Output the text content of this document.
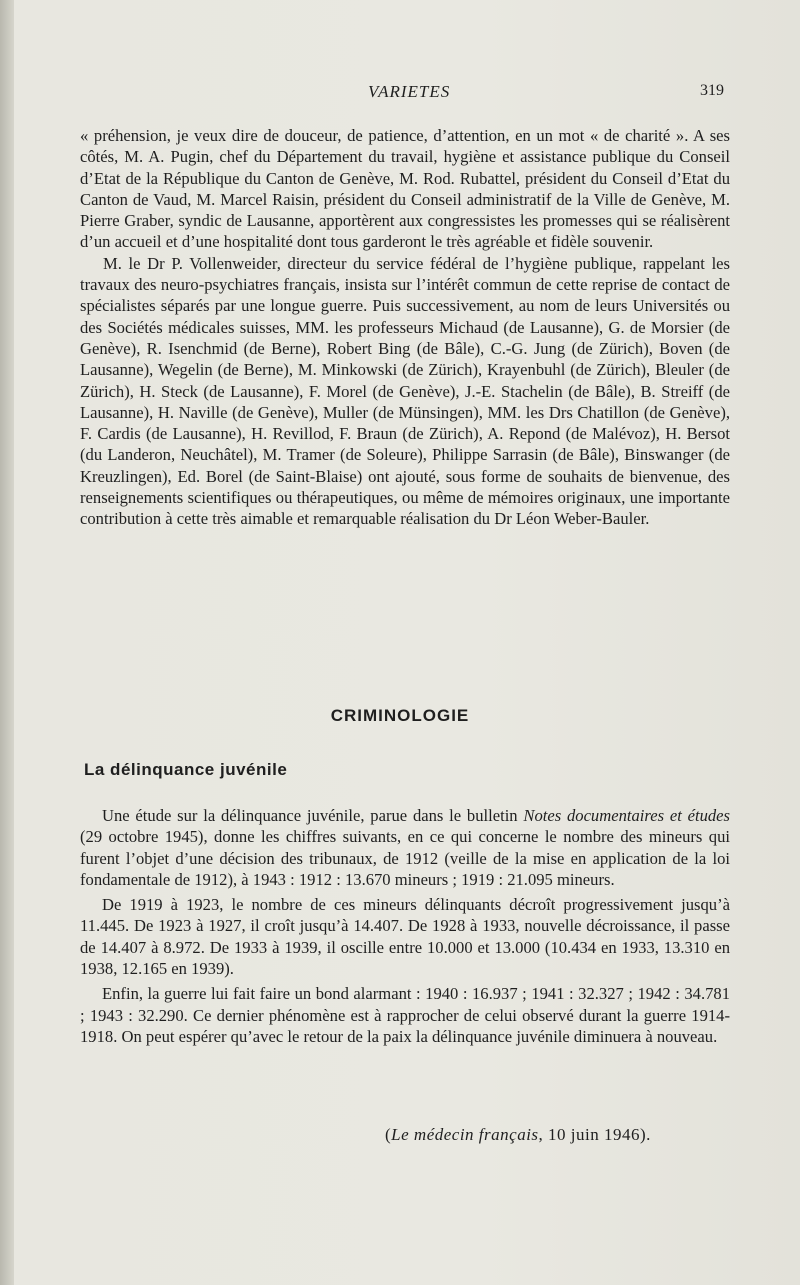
VARIETES	319

« préhension, je veux dire de douceur, de patience, d’attention, en un mot « de charité ». A ses côtés, M. A. Pugin, chef du Département du travail, hygiène et assistance publique du Conseil d’Etat de la République du Canton de Genève, M. Rod. Rubattel, président du Conseil d’Etat du Canton de Vaud, M. Marcel Raisin, président du Conseil administratif de la Ville de Genève, M. Pierre Graber, syndic de Lausanne, apportèrent aux congressistes les promesses qui se réalisèrent d’un accueil et d’une hospitalité dont tous garderont le très agréable et fidèle souvenir.

M. le Dr P. Vollenweider, directeur du service fédéral de l’hygiène publique, rappelant les travaux des neuro-psychiatres français, insista sur l’intérêt commun de cette reprise de contact de spécialistes séparés par une longue guerre. Puis successivement, au nom de leurs Universités ou des Sociétés médicales suisses, MM. les professeurs Michaud (de Lausanne), G. de Morsier (de Genève), R. Isenchmid (de Berne), Robert Bing (de Bâle), C.-G. Jung (de Zürich), Boven (de Lausanne), Wegelin (de Berne), M. Minkowski (de Zürich), Krayenbuhl (de Zürich), Bleuler (de Zürich), H. Steck (de Lausanne), F. Morel (de Genève), J.-E. Stachelin (de Bâle), B. Streiff (de Lausanne), H. Naville (de Genève), Muller (de Münsingen), MM. les Drs Chatillon (de Genève), F. Cardis (de Lausanne), H. Revillod, F. Braun (de Zürich), A. Repond (de Malévoz), H. Bersot (du Landeron, Neuchâtel), M. Tramer (de Soleure), Philippe Sarrasin (de Bâle), Binswanger (de Kreuzlingen), Ed. Borel (de Saint-Blaise) ont ajouté, sous forme de souhaits de bienvenue, des renseignements scientifiques ou thérapeutiques, ou même de mémoires originaux, une importante contribution à cette très aimable et remarquable réalisation du Dr Léon Weber-Bauler.

CRIMINOLOGIE
La délinquance juvénile

Une étude sur la délinquance juvénile, parue dans le bulletin Notes documentaires et études (29 octobre 1945), donne les chiffres suivants, en ce qui concerne le nombre des mineurs qui furent l’objet d’une décision des tribunaux, de 1912 (veille de la mise en application de la loi fondamentale de 1912), à 1943 : 1912 : 13.670 mineurs ; 1919 : 21.095 mineurs.

De 1919 à 1923, le nombre de ces mineurs délinquants décroît progressivement jusqu’à 11.445. De 1923 à 1927, il croît jusqu’à 14.407. De 1928 à 1933, nouvelle décroissance, il passe de 14.407 à 8.972. De 1933 à 1939, il oscille entre 10.000 et 13.000 (10.434 en 1933, 13.310 en 1938, 12.165 en 1939).

Enfin, la guerre lui fait faire un bond alarmant : 1940 : 16.937 ; 1941 : 32.327 ; 1942 : 34.781 ; 1943 : 32.290. Ce dernier phénomène est à rapprocher de celui observé durant la guerre 1914-1918. On peut espérer qu’avec le retour de la paix la délinquance juvénile diminuera à nouveau.

(Le médecin français, 10 juin 1946).
